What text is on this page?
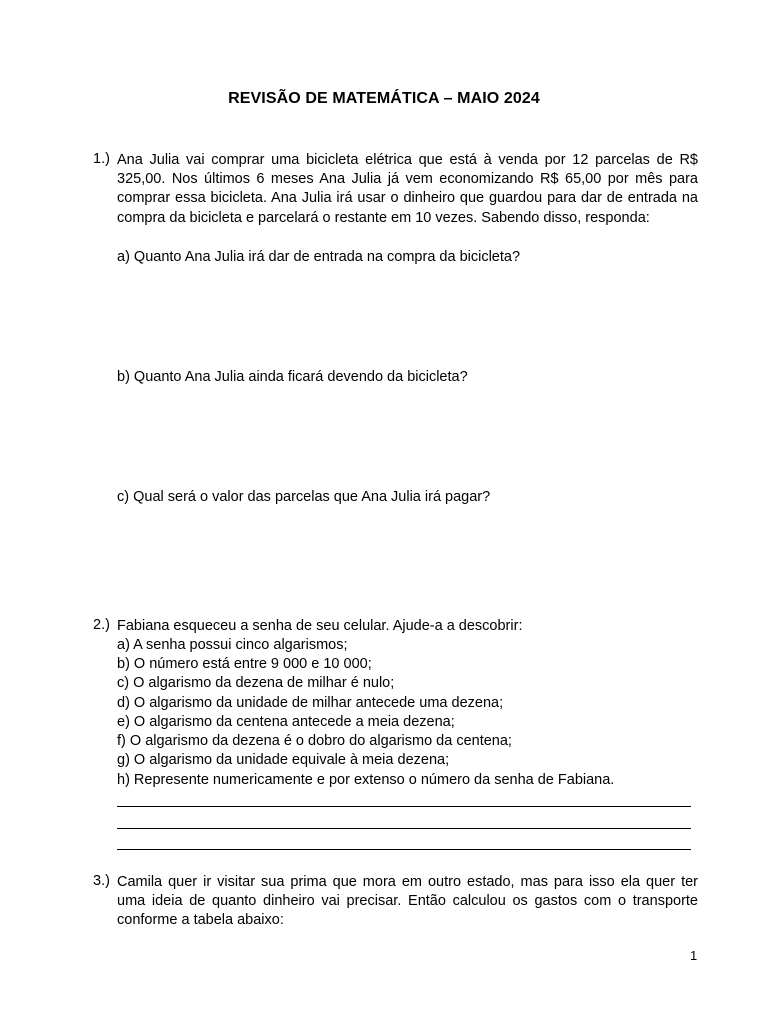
REVISÃO DE MATEMÁTICA – MAIO 2024
1.) Ana Julia vai comprar uma bicicleta elétrica que está à venda por 12 parcelas de R$ 325,00. Nos últimos 6 meses Ana Julia já vem economizando R$ 65,00 por mês para comprar essa bicicleta. Ana Julia irá usar o dinheiro que guardou para dar de entrada na compra da bicicleta e parcelará o restante em 10 vezes. Sabendo disso, responda:
a) Quanto Ana Julia irá dar de entrada na compra da bicicleta?
b) Quanto Ana Julia ainda ficará devendo da bicicleta?
c) Qual será o valor das parcelas que Ana Julia irá pagar?
2.) Fabiana esqueceu a senha de seu celular. Ajude-a a descobrir:
a) A senha possui cinco algarismos;
b) O número está entre 9 000 e 10 000;
c) O algarismo da dezena de milhar é nulo;
d) O algarismo da unidade de milhar antecede uma dezena;
e) O algarismo da centena antecede a meia dezena;
f) O algarismo da dezena é o dobro do algarismo da centena;
g) O algarismo da unidade equivale à meia dezena;
h) Represente numericamente e por extenso o número da senha de Fabiana.
3.) Camila quer ir visitar sua prima que mora em outro estado, mas para isso ela quer ter uma ideia de quanto dinheiro vai precisar. Então calculou os gastos com o transporte conforme a tabela abaixo:
1
